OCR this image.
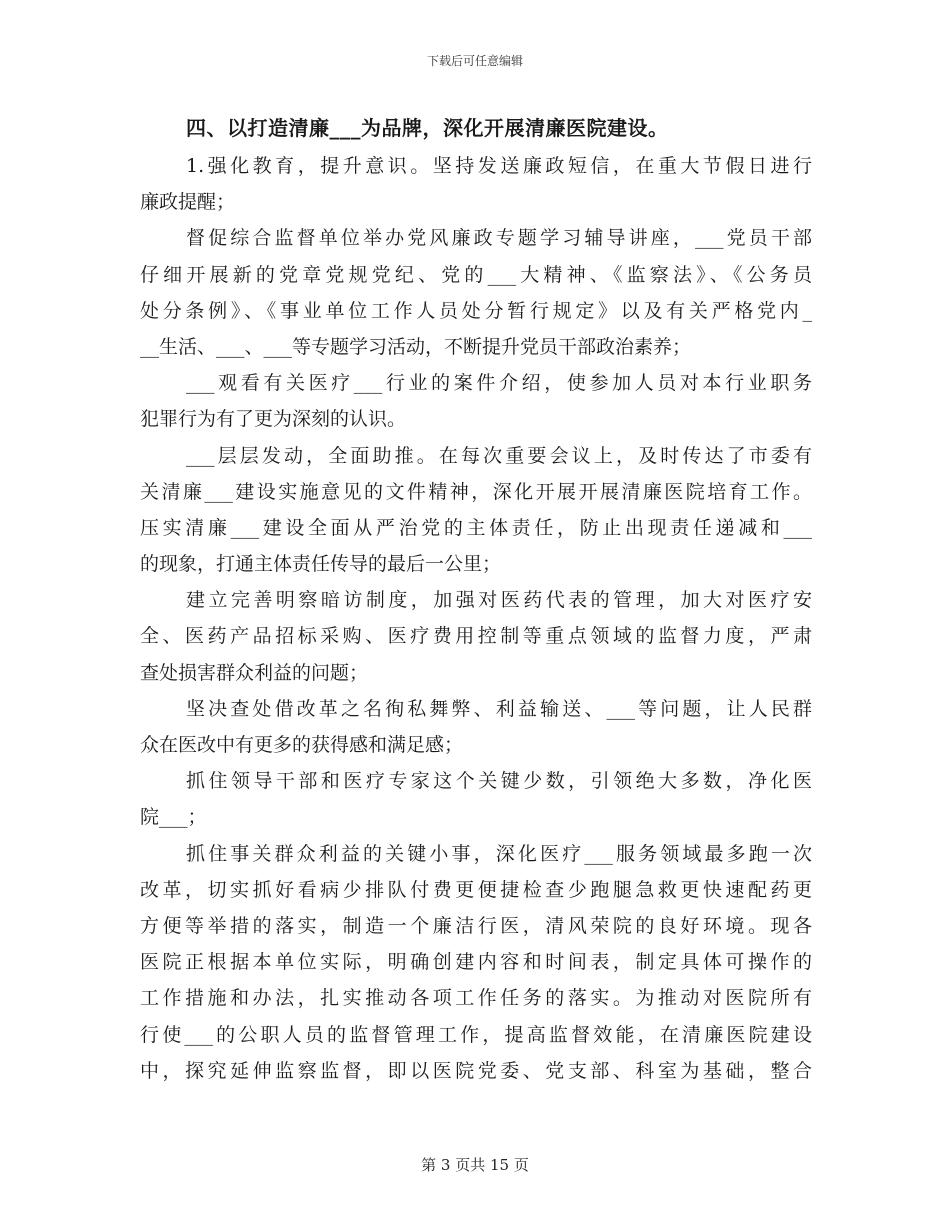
下载后可任意编辑
四、以打造清廉___为品牌，深化开展清廉医院建设。
1.强化教育，提升意识。坚持发送廉政短信，在重大节假日进行
廉政提醒；
督促综合监督单位举办党风廉政专题学习辅导讲座，___党员干部
仔细开展新的党章党规党纪、党的___大精神、《监察法》、《公务员
处分条例》、《事业单位工作人员处分暂行规定》以及有关严格党内_
__生活、___、___等专题学习活动，不断提升党员干部政治素养；
___观看有关医疗___行业的案件介绍，使参加人员对本行业职务
犯罪行为有了更为深刻的认识。
___层层发动，全面助推。在每次重要会议上，及时传达了市委有
关清廉___建设实施意见的文件精神，深化开展开展清廉医院培育工作。
压实清廉___建设全面从严治党的主体责任，防止出现责任递减和___
的现象，打通主体责任传导的最后一公里；
建立完善明察暗访制度，加强对医药代表的管理，加大对医疗安
全、医药产品招标采购、医疗费用控制等重点领域的监督力度，严肃
查处损害群众利益的问题；
坚决查处借改革之名徇私舞弊、利益输送、___等问题，让人民群
众在医改中有更多的获得感和满足感；
抓住领导干部和医疗专家这个关键少数，引领绝大多数，净化医
院___；
抓住事关群众利益的关键小事，深化医疗___服务领域最多跑一次
改革，切实抓好看病少排队付费更便捷检查少跑腿急救更快速配药更
方便等举措的落实，制造一个廉洁行医，清风荣院的良好环境。现各
医院正根据本单位实际，明确创建内容和时间表，制定具体可操作的
工作措施和办法，扎实推动各项工作任务的落实。为推动对医院所有
行使___的公职人员的监督管理工作，提高监督效能，在清廉医院建设
中，探究延伸监察监督，即以医院党委、党支部、科室为基础，整合
第 3 页共 15 页
